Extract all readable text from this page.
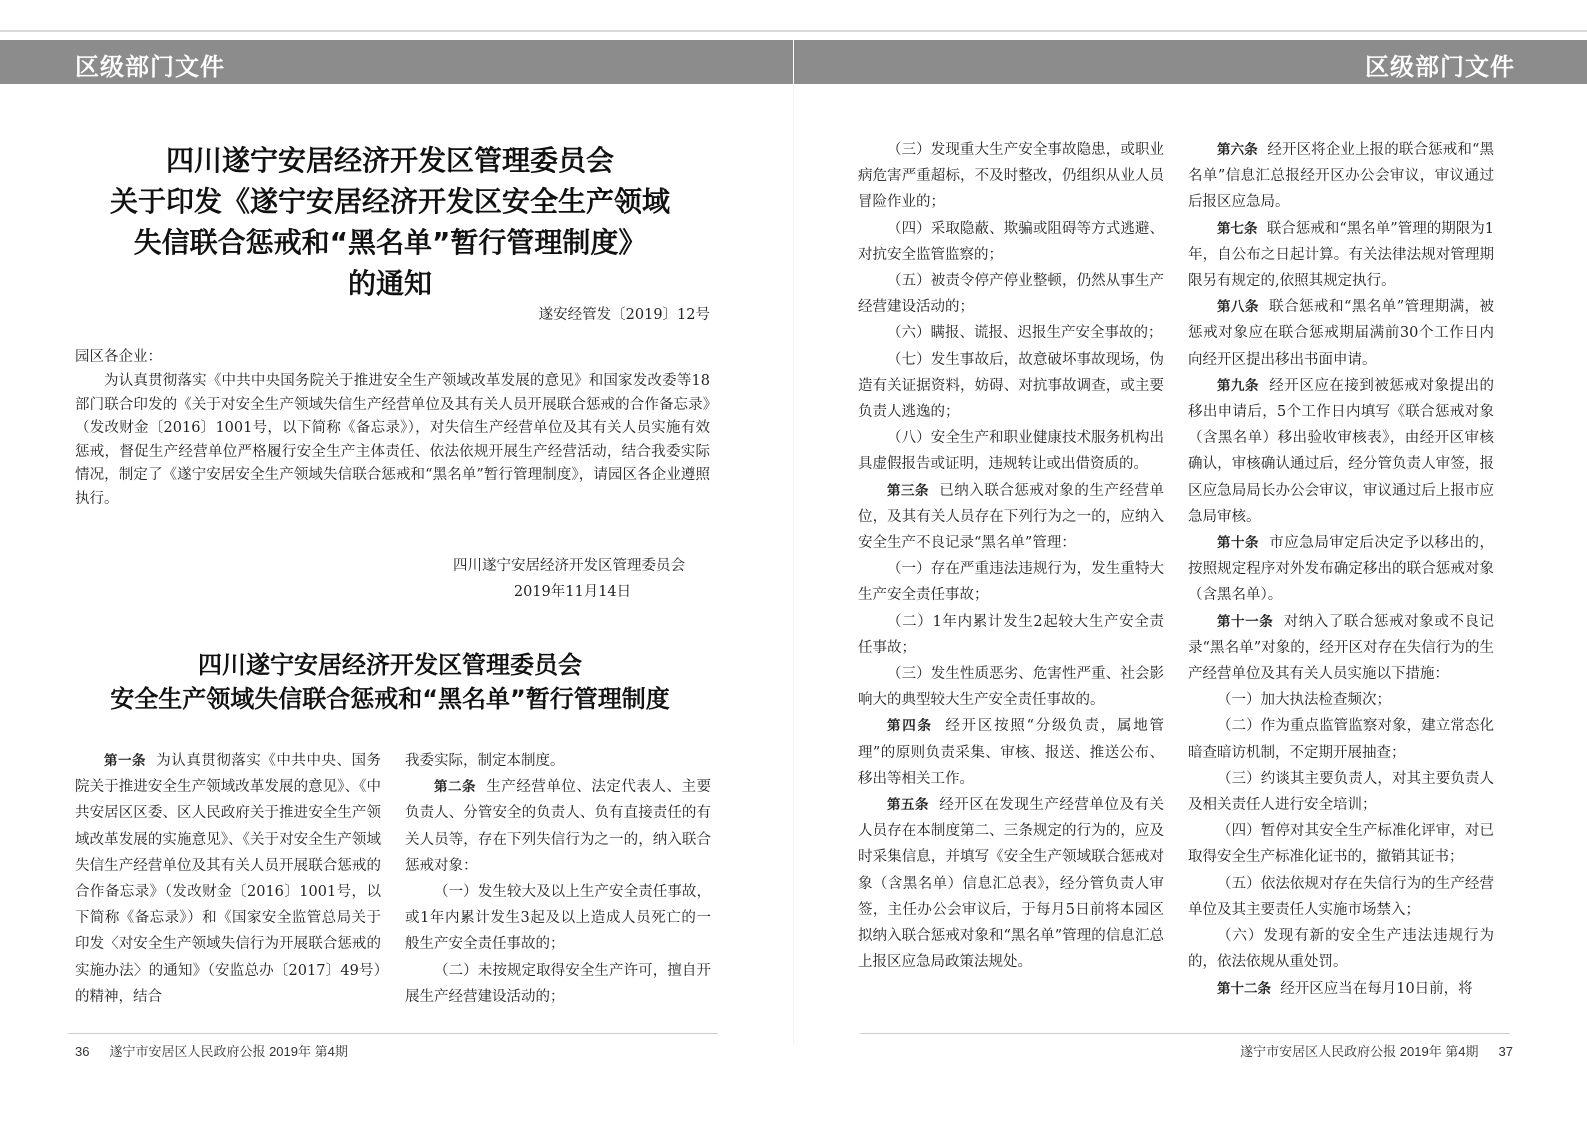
区级部门文件	区级部门文件
四川遂宁安居经济开发区管理委员会
关于印发《遂宁安居经济开发区安全生产领域
失信联合惩戒和“黑名单”暂行管理制度》
的通知
遂安经管发〔2019〕12号
园区各企业：

为认真贯彻落实《中共中央国务院关于推进安全生产领域改革发展的意见》和国家发改委等18部门联合印发的《关于对安全生产领域失信生产经营单位及其有关人员开展联合惩戒的合作备忘录》（发改财金〔2016〕1001号，以下简称《备忘录》），对失信生产经营单位及其有关人员实施有效惩戒，督促生产经营单位严格履行安全生产主体责任、依法依规开展生产经营活动，结合我委实际情况，制定了《遂宁安居安全生产领域失信联合惩戒和“黑名单”暂行管理制度》，请园区各企业遵照执行。

四川遂宁安居经济开发区管理委员会
2019年11月14日
四川遂宁安居经济开发区管理委员会
安全生产领域失信联合惩戒和“黑名单”暂行管理制度

第一条 为认真贯彻落实《中共中央、国务院关于推进安全生产领域改革发展的意见》、《中共安居区区委、区人民政府关于推进安全生产领域改革发展的实施意见》、《关于对安全生产领域失信生产经营单位及其有关人员开展联合惩戒的合作备忘录》（发改财金〔2016〕1001号，以下简称《备忘录》）和《国家安全监管总局关于印发〈对安全生产领域失信行为开展联合惩戒的实施办法〉的通知》（安监总办〔2017〕49号）的精神，结合

我委实际，制定本制度。

第二条 生产经营单位、法定代表人、主要负责人、分管安全的负责人、负有直接责任的有关人员等，存在下列失信行为之一的，纳入联合惩戒对象：

（一）发生较大及以上生产安全责任事故，或1年内累计发生3起及以上造成人员死亡的一般生产安全责任事故的；

（二）未按规定取得安全生产许可，擅自开展生产经营建设活动的；

（三）发现重大生产安全事故隐患，或职业病危害严重超标，不及时整改，仍组织从业人员冒险作业的；

（四）采取隐蔽、欺骗或阻碍等方式逃避、对抗安全监管监察的；

（五）被责令停产停业整顿，仍然从事生产经营建设活动的；

（六）瞒报、谎报、迟报生产安全事故的；

（七）发生事故后，故意破坏事故现场，伪造有关证据资料，妨碍、对抗事故调查，或主要负责人逃逸的；

（八）安全生产和职业健康技术服务机构出具虚假报告或证明，违规转让或出借资质的。

第三条 已纳入联合惩戒对象的生产经营单位，及其有关人员存在下列行为之一的，应纳入安全生产不良记录“黑名单”管理：

（一）存在严重违法违规行为，发生重特大生产安全责任事故；

（二）1年内累计发生2起较大生产安全责任事故；

（三）发生性质恶劣、危害性严重、社会影响大的典型较大生产安全责任事故的。

第四条 经开区按照“分级负责，属地管理”的原则负责采集、审核、报送、推送公布、移出等相关工作。

第五条 经开区在发现生产经营单位及有关人员存在本制度第二、三条规定的行为的，应及时采集信息，并填写《安全生产领域联合惩戒对象（含黑名单）信息汇总表》，经分管负责人审签，主任办公会审议后，于每月5日前将本园区拟纳入联合惩戒对象和“黑名单”管理的信息汇总上报区应急局政策法规处。

第六条 经开区将企业上报的联合惩戒和“黑名单”信息汇总报经开区办公会审议，审议通过后报区应急局。

第七条 联合惩戒和“黑名单”管理的期限为1年，自公布之日起计算。有关法律法规对管理期限另有规定的,依照其规定执行。

第八条 联合惩戒和“黑名单”管理期满，被惩戒对象应在联合惩戒期届满前30个工作日内向经开区提出移出书面申请。

第九条 经开区应在接到被惩戒对象提出的移出申请后，5个工作日内填写《联合惩戒对象（含黑名单）移出验收审核表》，由经开区审核确认，审核确认通过后，经分管负责人审签，报区应急局局长办公会审议，审议通过后上报市应急局审核。

第十条 市应急局审定后决定予以移出的，按照规定程序对外发布确定移出的联合惩戒对象（含黑名单）。

第十一条 对纳入了联合惩戒对象或不良记录“黑名单”对象的，经开区对存在失信行为的生产经营单位及其有关人员实施以下措施：

（一）加大执法检查频次；

（二）作为重点监管监察对象，建立常态化暗查暗访机制，不定期开展抽查；

（三）约谈其主要负责人，对其主要负责人及相关责任人进行安全培训；

（四）暂停对其安全生产标准化评审，对已取得安全生产标准化证书的，撤销其证书；

（五）依法依规对存在失信行为的生产经营单位及其主要责任人实施市场禁入；

（六）发现有新的安全生产违法违规行为的，依法依规从重处罚。

第十二条 经开区应当在每月10日前，将

36 遂宁市安居区人民政府公报 2019年 第4期	遂宁市安居区人民政府公报 2019年 第4期 37
